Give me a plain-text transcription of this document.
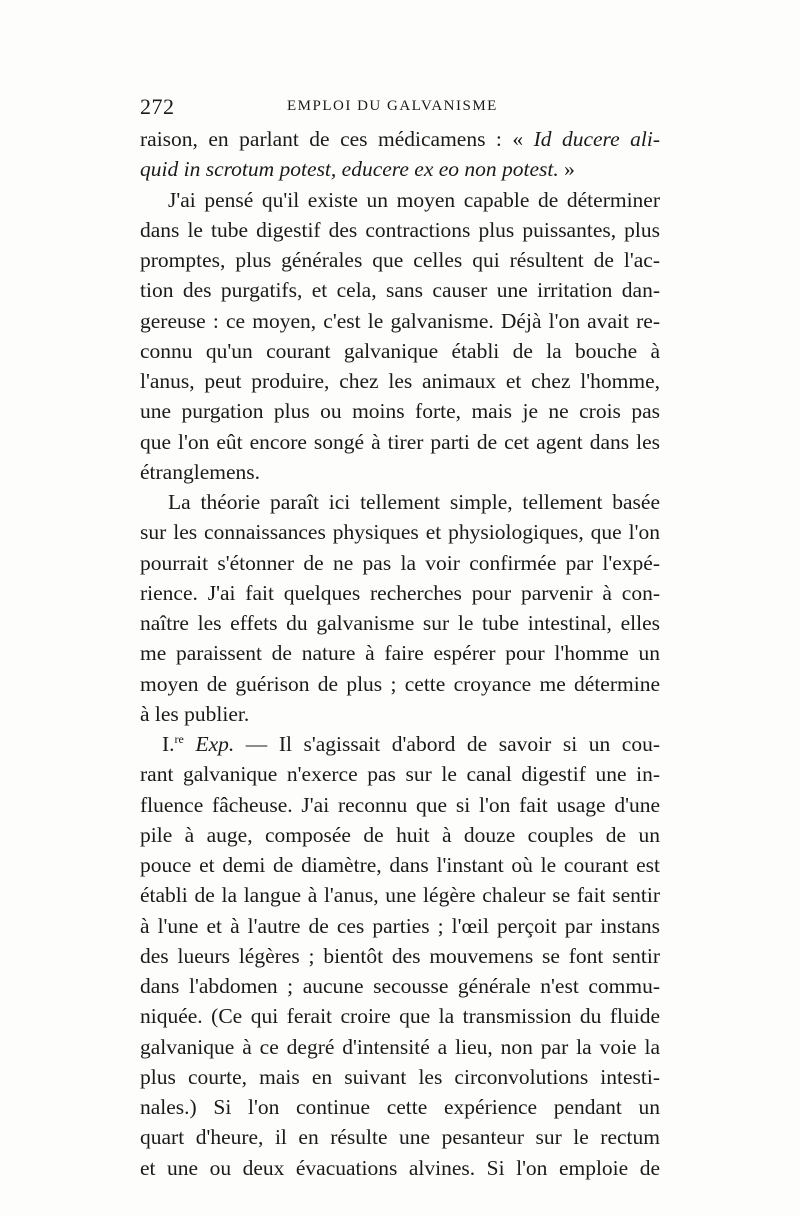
272	EMPLOI DU GALVANISME
raison, en parlant de ces médicamens : « Id ducere ali-
quid in scrotum potest, educere ex eo non potest. »
J'ai pensé qu'il existe un moyen capable de déterminer
dans le tube digestif des contractions plus puissantes, plus
promptes, plus générales que celles qui résultent de l'ac-
tion des purgatifs, et cela, sans causer une irritation dan-
gereuse : ce moyen, c'est le galvanisme. Déjà l'on avait re-
connu qu'un courant galvanique établi de la bouche à
l'anus, peut produire, chez les animaux et chez l'homme,
une purgation plus ou moins forte, mais je ne crois pas
que l'on eût encore songé à tirer parti de cet agent dans les
étranglemens.
La théorie paraît ici tellement simple, tellement basée
sur les connaissances physiques et physiologiques, que l'on
pourrait s'étonner de ne pas la voir confirmée par l'expé-
rience. J'ai fait quelques recherches pour parvenir à con-
naître les effets du galvanisme sur le tube intestinal, elles
me paraissent de nature à faire espérer pour l'homme un
moyen de guérison de plus ; cette croyance me détermine
à les publier.
I.$^{re}$ Exp. — Il s'agissait d'abord de savoir si un cou-
rant galvanique n'exerce pas sur le canal digestif une in-
fluence fâcheuse. J'ai reconnu que si l'on fait usage d'une
pile à auge, composée de huit à douze couples de un
pouce et demi de diamètre, dans l'instant où le courant est
établi de la langue à l'anus, une légère chaleur se fait sentir
à l'une et à l'autre de ces parties ; l'œil perçoit par instans
des lueurs légères ; bientôt des mouvemens se font sentir
dans l'abdomen ; aucune secousse générale n'est commu-
niquée. (Ce qui ferait croire que la transmission du fluide
galvanique à ce degré d'intensité a lieu, non par la voie la
plus courte, mais en suivant les circonvolutions intesti-
nales.) Si l'on continue cette expérience pendant un
quart d'heure, il en résulte une pesanteur sur le rectum
et une ou deux évacuations alvines. Si l'on emploie de
